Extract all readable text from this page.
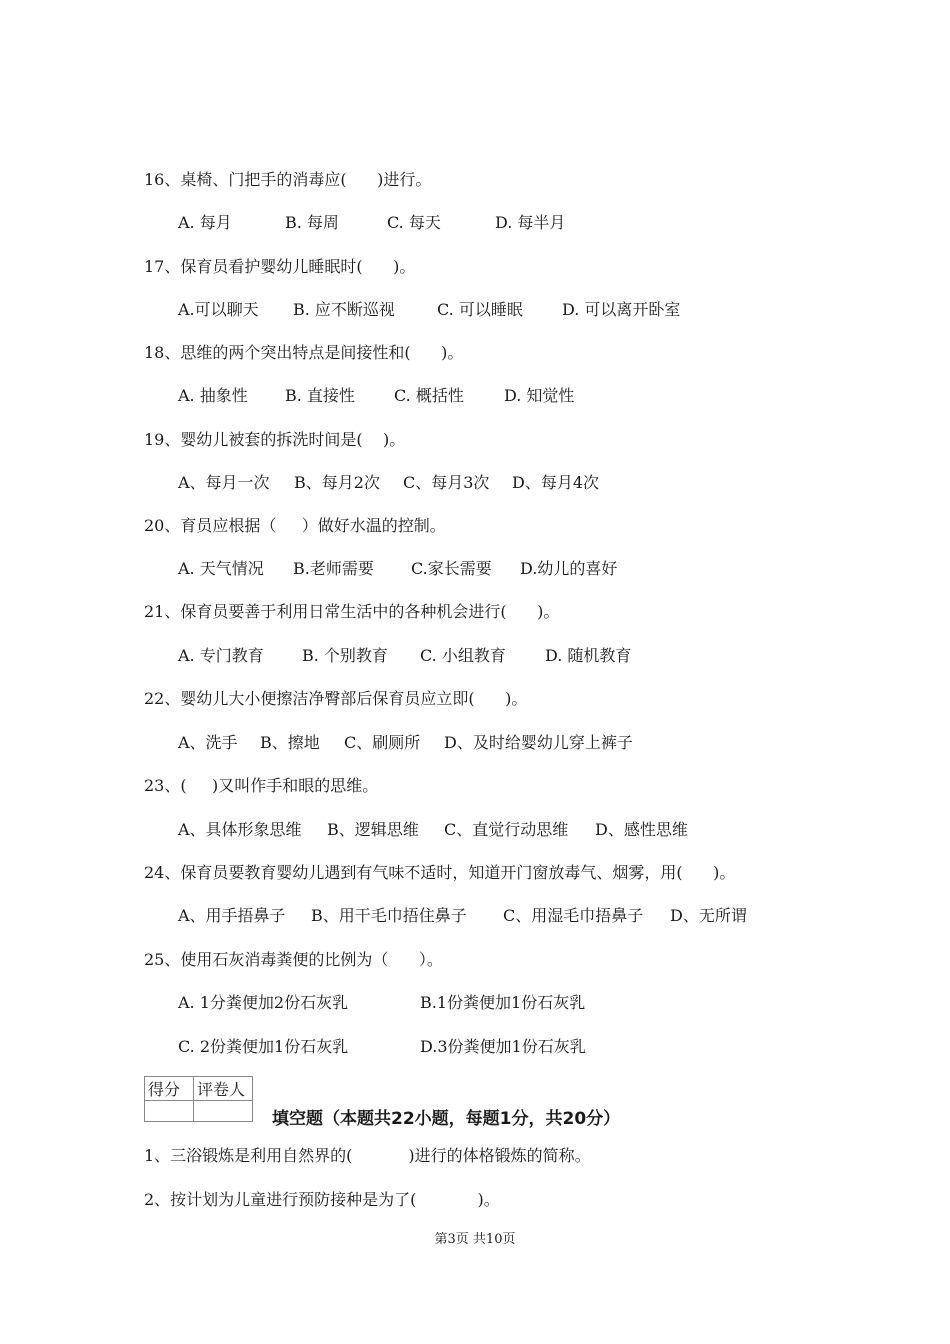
16、桌椅、门把手的消毒应(      )进行。

A. 每月

	B. 每周

	C. 每天

	D. 每半月

17、保育员看护婴幼儿睡眠时(      )。

A.可以聊天

B. 应不断巡视

	C. 可以睡眠

D. 可以离开卧室

18、思维的两个突出特点是间接性和(      )。

A. 抽象性

B. 直接性

C. 概括性

	D. 知觉性

19、婴幼儿被套的拆洗时间是(    )。

A、每月一次

B、每月2次

C、每月3次

D、每月4次

20、育员应根据（     ）做好水温的控制。

A. 天气情况

B.老师需要

C.家长需要

D.幼儿的喜好

21、保育员要善于利用日常生活中的各种机会进行(      )。

A. 专门教育

B. 个别教育

C. 小组教育

D. 随机教育

22、婴幼儿大小便擦洁净臀部后保育员应立即(      )。

A、洗手

B、擦地

C、刷厕所

D、及时给婴幼儿穿上裤子

23、(     )又叫作手和眼的思维。

A、具体形象思维

B、逻辑思维

C、直觉行动思维

D、感性思维

24、保育员要教育婴幼儿遇到有气味不适时，知道开门窗放毒气、烟雾，用(      )。

A、用手捂鼻子

B、用干毛巾捂住鼻子

C、用湿毛巾捂鼻子

D、无所谓

25、使用石灰消毒粪便的比例为（      ）。

A. 1分粪便加2份石灰乳

	B.1份粪便加1份石灰乳

C. 2份粪便加1份石灰乳

	D.3份粪便加1份石灰乳

得分	评卷人

填空题（本题共22小题，每题1分，共20分）
1、三浴锻炼是利用自然界的(           )进行的体格锻炼的简称。
2、按计划为儿童进行预防接种是为了(            )。
第3页 共10页
